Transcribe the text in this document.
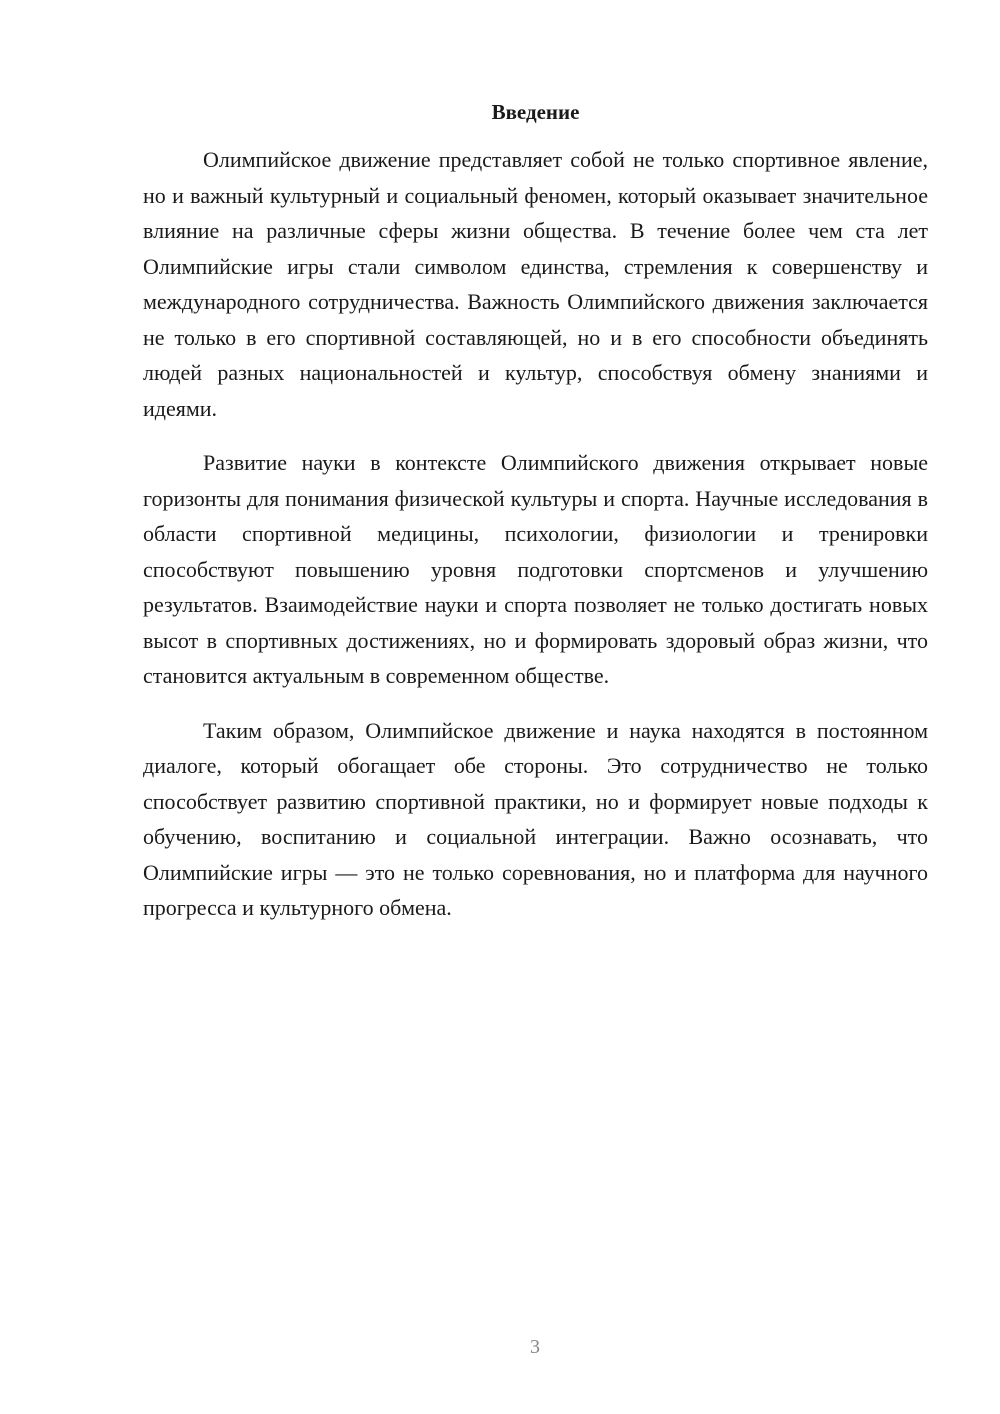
Введение

Олимпийское движение представляет собой не только спортивное явление, но и важный культурный и социальный феномен, который оказывает значительное влияние на различные сферы жизни общества. В течение более чем ста лет Олимпийские игры стали символом единства, стремления к совершенству и международного сотрудничества. Важность Олимпийского движения заключается не только в его спортивной составляющей, но и в его способности объединять людей разных национальностей и культур, способствуя обмену знаниями и идеями.

Развитие науки в контексте Олимпийского движения открывает новые горизонты для понимания физической культуры и спорта. Научные исследования в области спортивной медицины, психологии, физиологии и тренировки способствуют повышению уровня подготовки спортсменов и улучшению результатов. Взаимодействие науки и спорта позволяет не только достигать новых высот в спортивных достижениях, но и формировать здоровый образ жизни, что становится актуальным в современном обществе.

Таким образом, Олимпийское движение и наука находятся в постоянном диалоге, который обогащает обе стороны. Это сотрудничество не только способствует развитию спортивной практики, но и формирует новые подходы к обучению, воспитанию и социальной интеграции. Важно осознавать, что Олимпийские игры — это не только соревнования, но и платформа для научного прогресса и культурного обмена.

3
